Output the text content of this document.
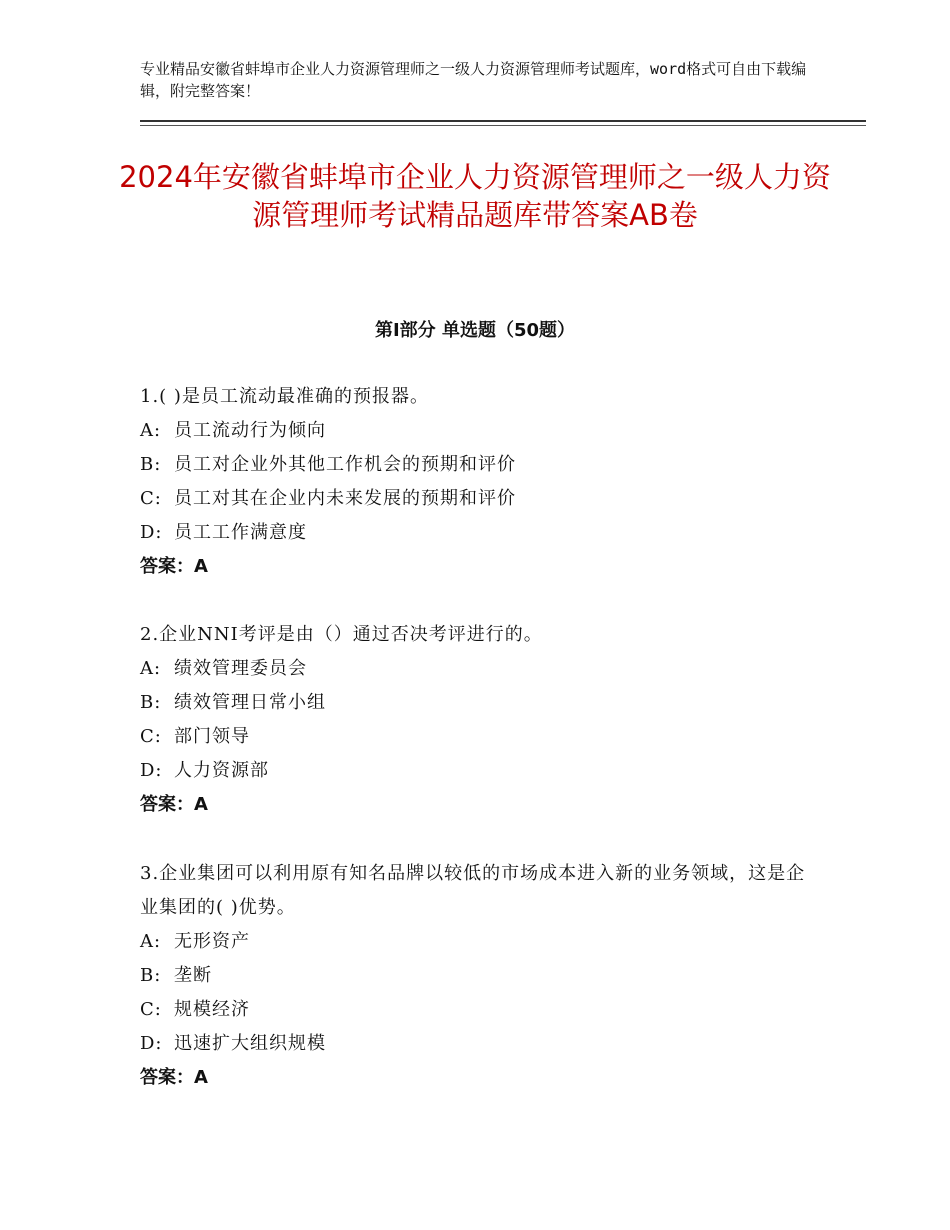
专业精品安徽省蚌埠市企业人力资源管理师之一级人力资源管理师考试题库，word格式可自由下载编辑，附完整答案！
2024年安徽省蚌埠市企业人力资源管理师之一级人力资源管理师考试精品题库带答案AB卷
第Ⅰ部分 单选题（50题）

1.( )是员工流动最准确的预报器。

A: 员工流动行为倾向

B: 员工对企业外其他工作机会的预期和评价

C: 员工对其在企业内未来发展的预期和评价

D: 员工工作满意度

答案：A

2.企业NNI考评是由（）通过否决考评进行的。

A: 绩效管理委员会

B: 绩效管理日常小组

C: 部门领导

D: 人力资源部

答案：A

3.企业集团可以利用原有知名品牌以较低的市场成本进入新的业务领域，这是企业集团的( )优势。

A: 无形资产

B: 垄断

C: 规模经济

D: 迅速扩大组织规模

答案：A
